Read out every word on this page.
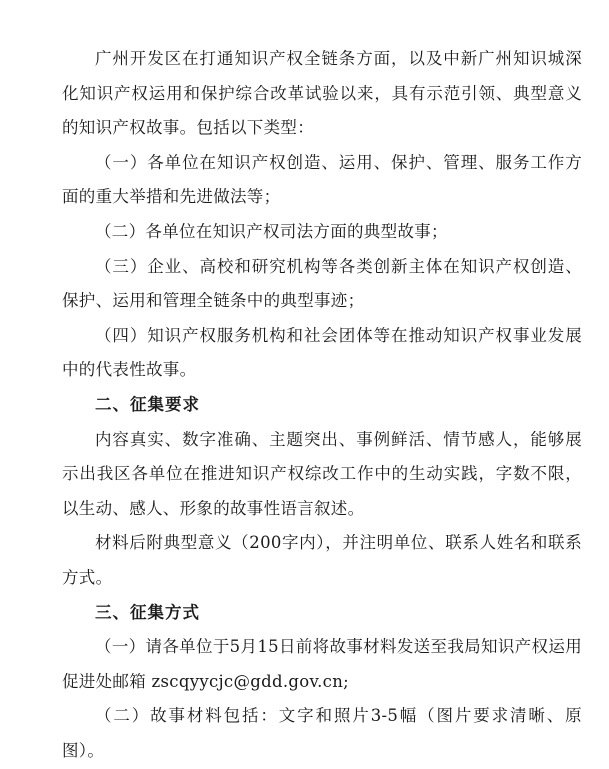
广州开发区在打通知识产权全链条方面，以及中新广州知识城深化知识产权运用和保护综合改革试验以来，具有示范引领、典型意义的知识产权故事。包括以下类型：

（一）各单位在知识产权创造、运用、保护、管理、服务工作方面的重大举措和先进做法等；

（二）各单位在知识产权司法方面的典型故事；

（三）企业、高校和研究机构等各类创新主体在知识产权创造、保护、运用和管理全链条中的典型事迹；

（四）知识产权服务机构和社会团体等在推动知识产权事业发展中的代表性故事。

二、征集要求

内容真实、数字准确、主题突出、事例鲜活、情节感人，能够展示出我区各单位在推进知识产权综改工作中的生动实践，字数不限，以生动、感人、形象的故事性语言叙述。

材料后附典型意义（200字内），并注明单位、联系人姓名和联系方式。

三、征集方式

（一）请各单位于5月15日前将故事材料发送至我局知识产权运用促进处邮箱 zscqyycjc@gdd.gov.cn;

（二）故事材料包括：文字和照片3-5幅（图片要求清晰、原图）。
